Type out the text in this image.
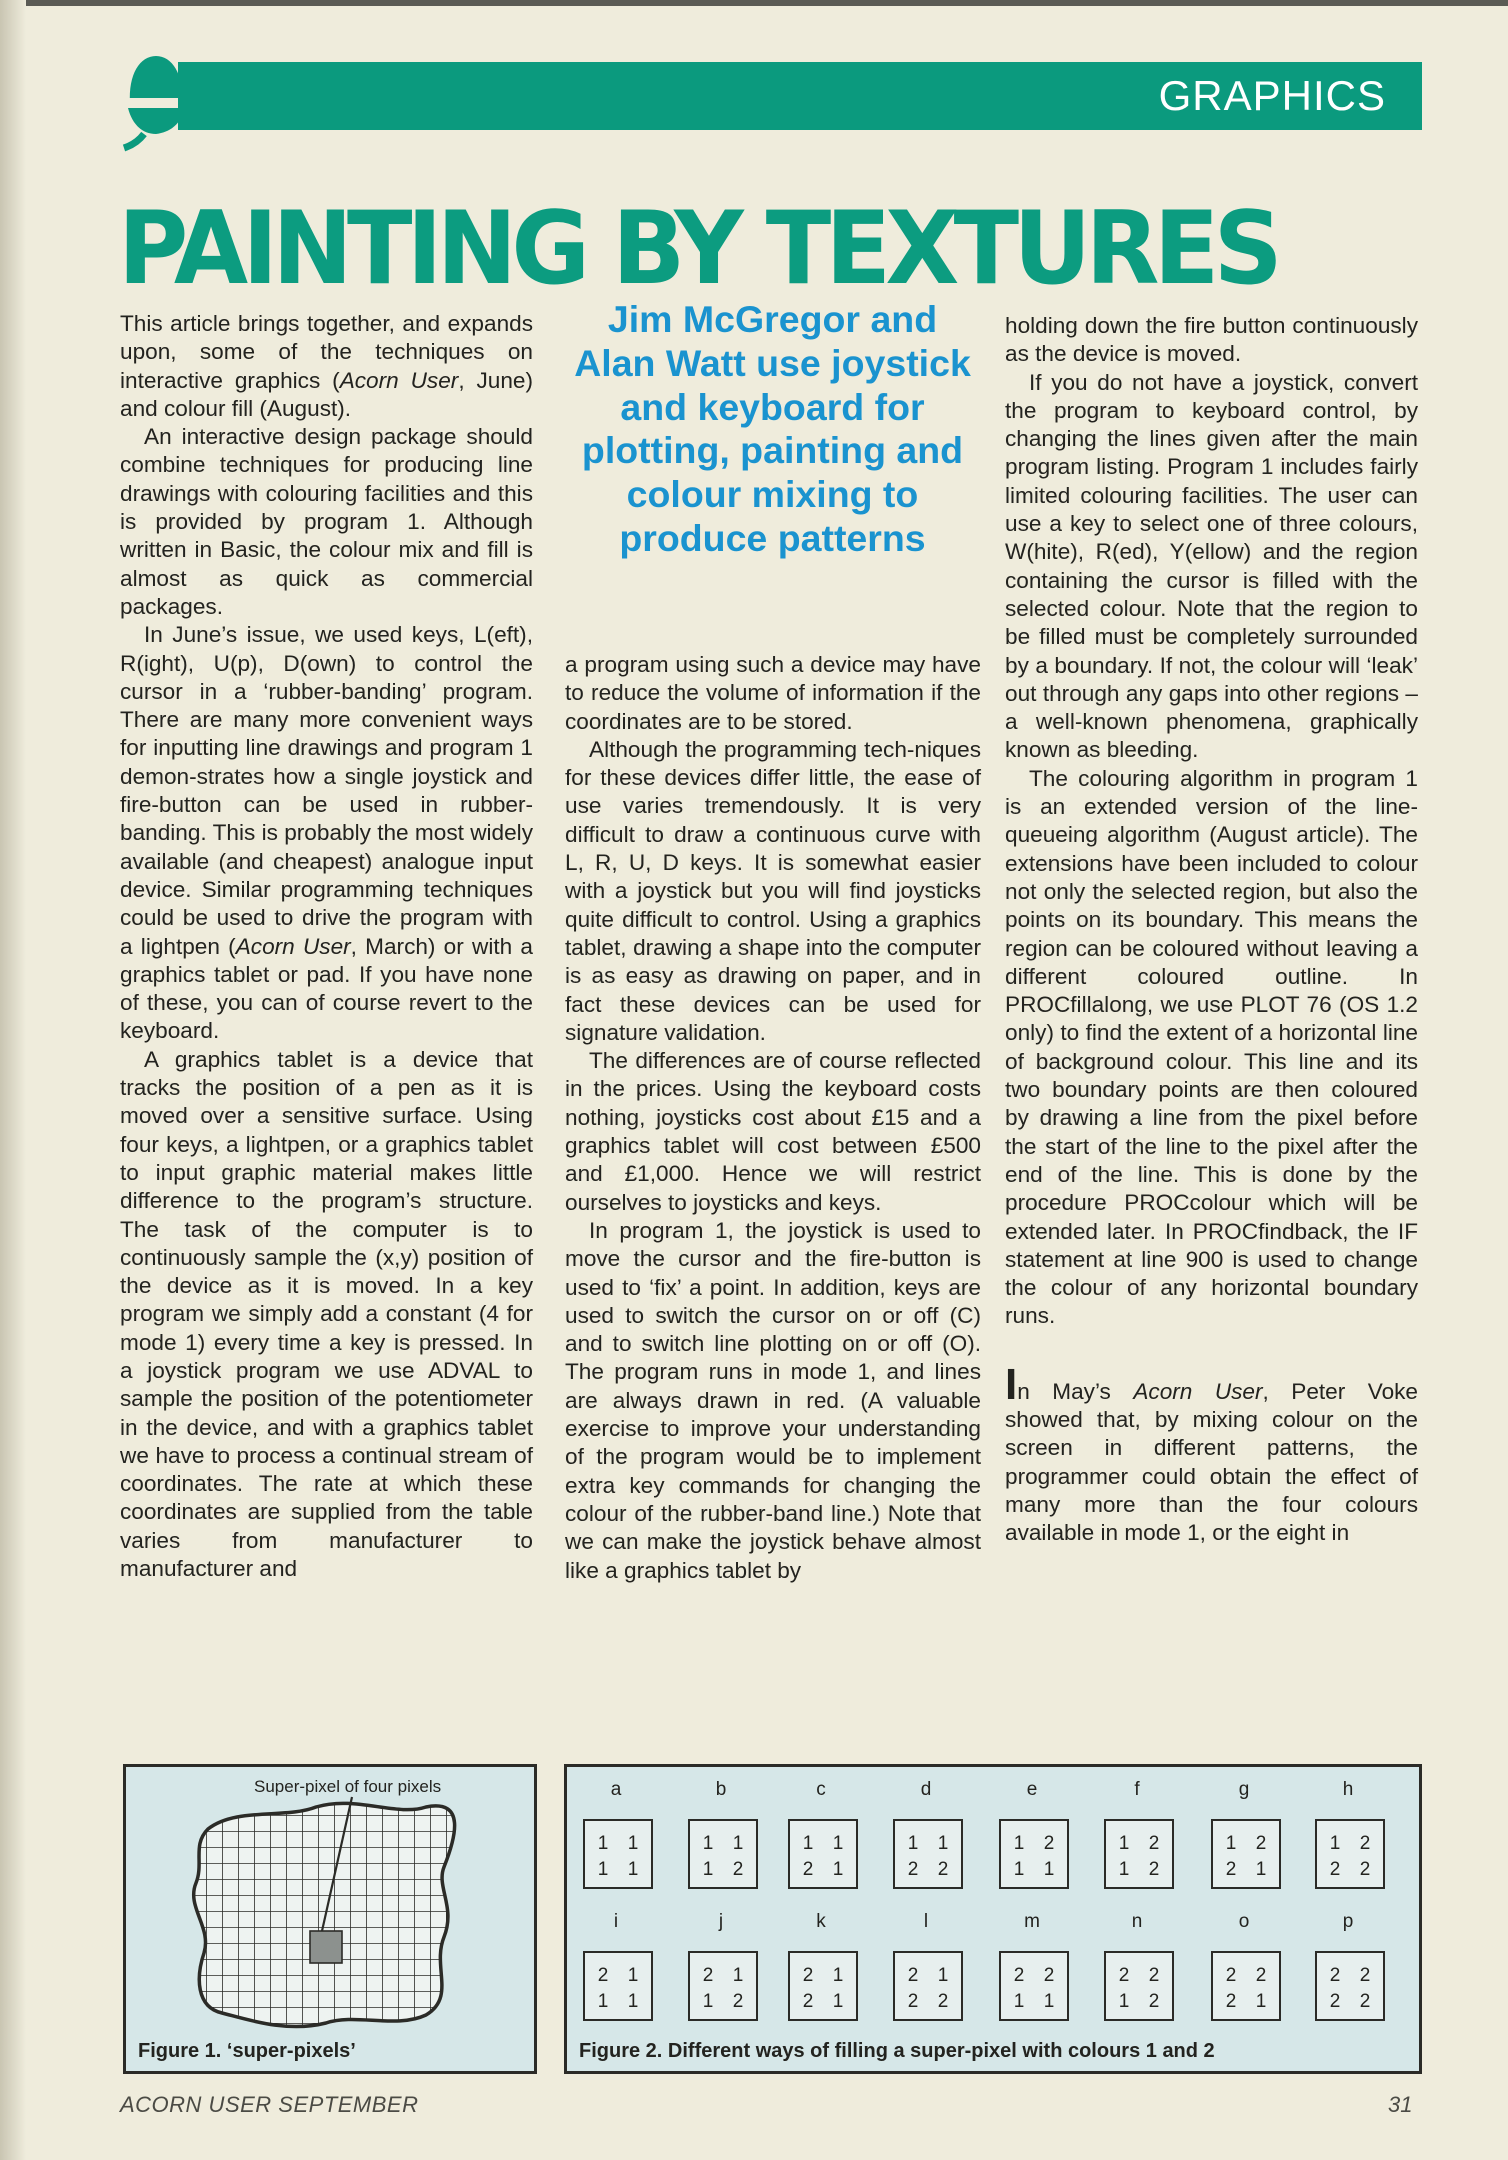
GRAPHICS
PAINTING BY TEXTURES

This article brings together, and expands upon, some of the techniques on interactive graphics (Acorn User, June) and colour fill (August).

An interactive design package should combine techniques for producing line drawings with colouring facilities and this is provided by program 1. Although written in Basic, the colour mix and fill is almost as quick as commercial packages.

In June’s issue, we used keys, L(eft), R(ight), U(p), D(own) to control the cursor in a ‘rubber-banding’ program. There are many more convenient ways for inputting line drawings and program 1 demon-strates how a single joystick and fire-button can be used in rubber-banding. This is probably the most widely available (and cheapest) analogue input device. Similar programming techniques could be used to drive the program with a lightpen (Acorn User, March) or with a graphics tablet or pad. If you have none of these, you can of course revert to the keyboard.

A graphics tablet is a device that tracks the position of a pen as it is moved over a sensitive surface. Using four keys, a lightpen, or a graphics tablet to input graphic material makes little difference to the program’s structure. The task of the computer is to continuously sample the (x,y) position of the device as it is moved. In a key program we simply add a constant (4 for mode 1) every time a key is pressed. In a joystick program we use ADVAL to sample the position of the potentiometer in the device, and with a graphics tablet we have to process a continual stream of coordinates. The rate at which these coordinates are supplied from the table varies from manufacturer to manufacturer and

Jim McGregor and Alan Watt use joystick and keyboard for plotting, painting and colour mixing to produce patterns

a program using such a device may have to reduce the volume of information if the coordinates are to be stored.

Although the programming tech-niques for these devices differ little, the ease of use varies tremendously. It is very difficult to draw a continuous curve with L, R, U, D keys. It is somewhat easier with a joystick but you will find joysticks quite difficult to control. Using a graphics tablet, drawing a shape into the computer is as easy as drawing on paper, and in fact these devices can be used for signature validation.

The differences are of course reflected in the prices. Using the keyboard costs nothing, joysticks cost about £15 and a graphics tablet will cost between £500 and £1,000. Hence we will restrict ourselves to joysticks and keys.

In program 1, the joystick is used to move the cursor and the fire-button is used to ‘fix’ a point. In addition, keys are used to switch the cursor on or off (C) and to switch line plotting on or off (O). The program runs in mode 1, and lines are always drawn in red. (A valuable exercise to improve your understanding of the program would be to implement extra key commands for changing the colour of the rubber-band line.) Note that we can make the joystick behave almost like a graphics tablet by

holding down the fire button continuously as the device is moved.

If you do not have a joystick, convert the program to keyboard control, by changing the lines given after the main program listing. Program 1 includes fairly limited colouring facilities. The user can use a key to select one of three colours, W(hite), R(ed), Y(ellow) and the region containing the cursor is filled with the selected colour. Note that the region to be filled must be completely surrounded by a boundary. If not, the colour will ‘leak’ out through any gaps into other regions – a well-known phenomena, graphically known as bleeding.

The colouring algorithm in program 1 is an extended version of the line-queueing algorithm (August article). The extensions have been included to colour not only the selected region, but also the points on its boundary. This means the region can be coloured without leaving a different coloured outline. In PROCfillalong, we use PLOT 76 (OS 1.2 only) to find the extent of a horizontal line of background colour. This line and its two boundary points are then coloured by drawing a line from the pixel before the start of the line to the pixel after the end of the line. This is done by the procedure PROCcolour which will be extended later. In PROCfindback, the IF statement at line 900 is used to change the colour of any horizontal boundary runs.

In May’s Acorn User, Peter Voke showed that, by mixing colour on the screen in different patterns, the programmer could obtain the effect of many more than the four colours available in mode 1, or the eight in

Super-pixel of four pixels
Figure 1. ‘super-pixels’
a
1	1
1	1
b
1	1
1	2
c
1	1
2	1
d
1	1
2	2
e
1	2
1	1
f
1	2
1	2
g
1	2
2	1
h
1	2
2	2
i
2	1
1	1
j
2	1
1	2
k
2	1
2	1
l
2	1
2	2
m
2	2
1	1
n
2	2
1	2
o
2	2
2	1
p
2	2
2	2
Figure 2. Different ways of filling a super-pixel with colours 1 and 2
ACORN USER SEPTEMBER	31
